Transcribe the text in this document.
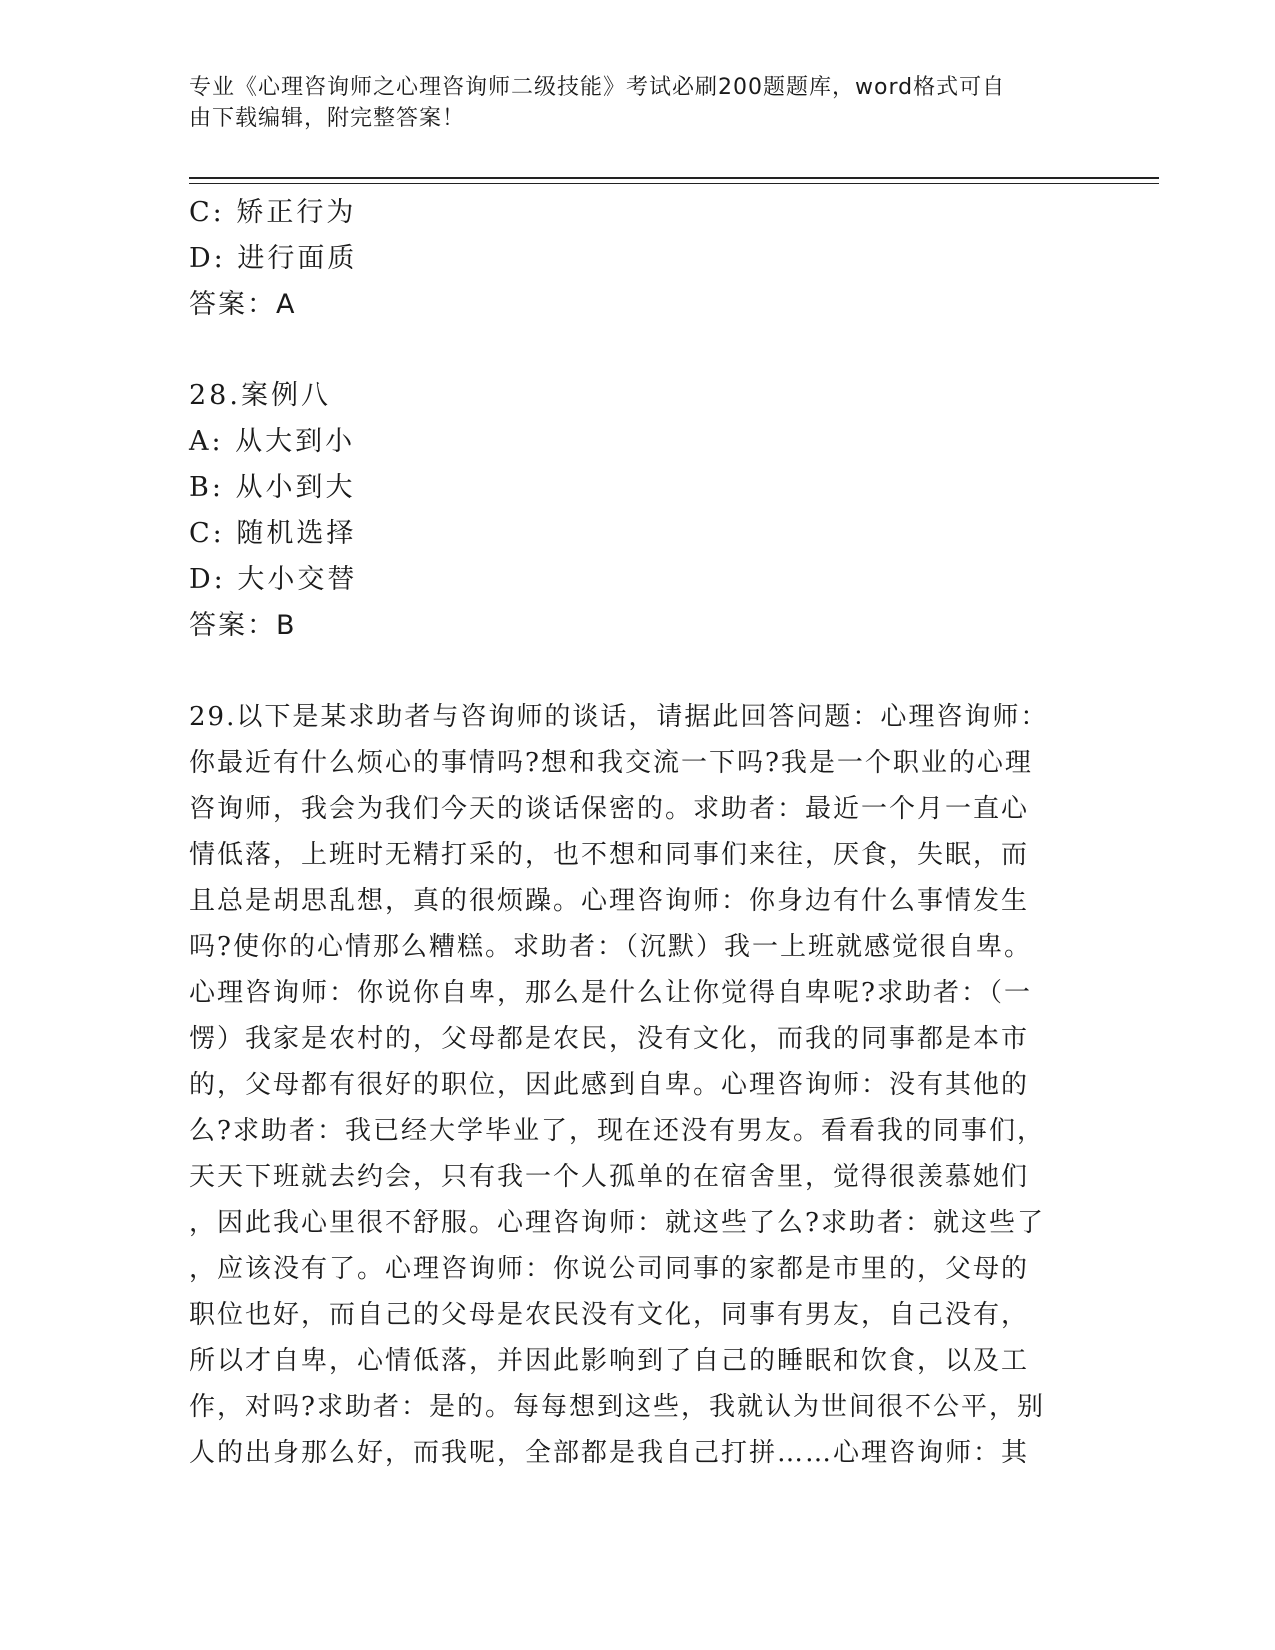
专业《心理咨询师之心理咨询师二级技能》考试必刷200题题库，word格式可自
由下载编辑，附完整答案！
C: 矫正行为
D: 进行面质
答案：A
28.案例八
A: 从大到小
B: 从小到大
C: 随机选择
D: 大小交替
答案：B
29.以下是某求助者与咨询师的谈话，请据此回答问题：心理咨询师：
你最近有什么烦心的事情吗?想和我交流一下吗?我是一个职业的心理
咨询师，我会为我们今天的谈话保密的。求助者：最近一个月一直心
情低落，上班时无精打采的，也不想和同事们来往，厌食，失眠，而
且总是胡思乱想，真的很烦躁。心理咨询师：你身边有什么事情发生
吗?使你的心情那么糟糕。求助者：（沉默）我一上班就感觉很自卑。
心理咨询师：你说你自卑，那么是什么让你觉得自卑呢?求助者：（一
愣）我家是农村的，父母都是农民，没有文化，而我的同事都是本市
的，父母都有很好的职位，因此感到自卑。心理咨询师：没有其他的
么?求助者：我已经大学毕业了，现在还没有男友。看看我的同事们，
天天下班就去约会，只有我一个人孤单的在宿舍里，觉得很羡慕她们
，因此我心里很不舒服。心理咨询师：就这些了么?求助者：就这些了
，应该没有了。心理咨询师：你说公司同事的家都是市里的，父母的
职位也好，而自己的父母是农民没有文化，同事有男友，自己没有，
所以才自卑，心情低落，并因此影响到了自己的睡眠和饮食，以及工
作，对吗?求助者：是的。每每想到这些，我就认为世间很不公平，别
人的出身那么好，而我呢，全部都是我自己打拼……心理咨询师：其
